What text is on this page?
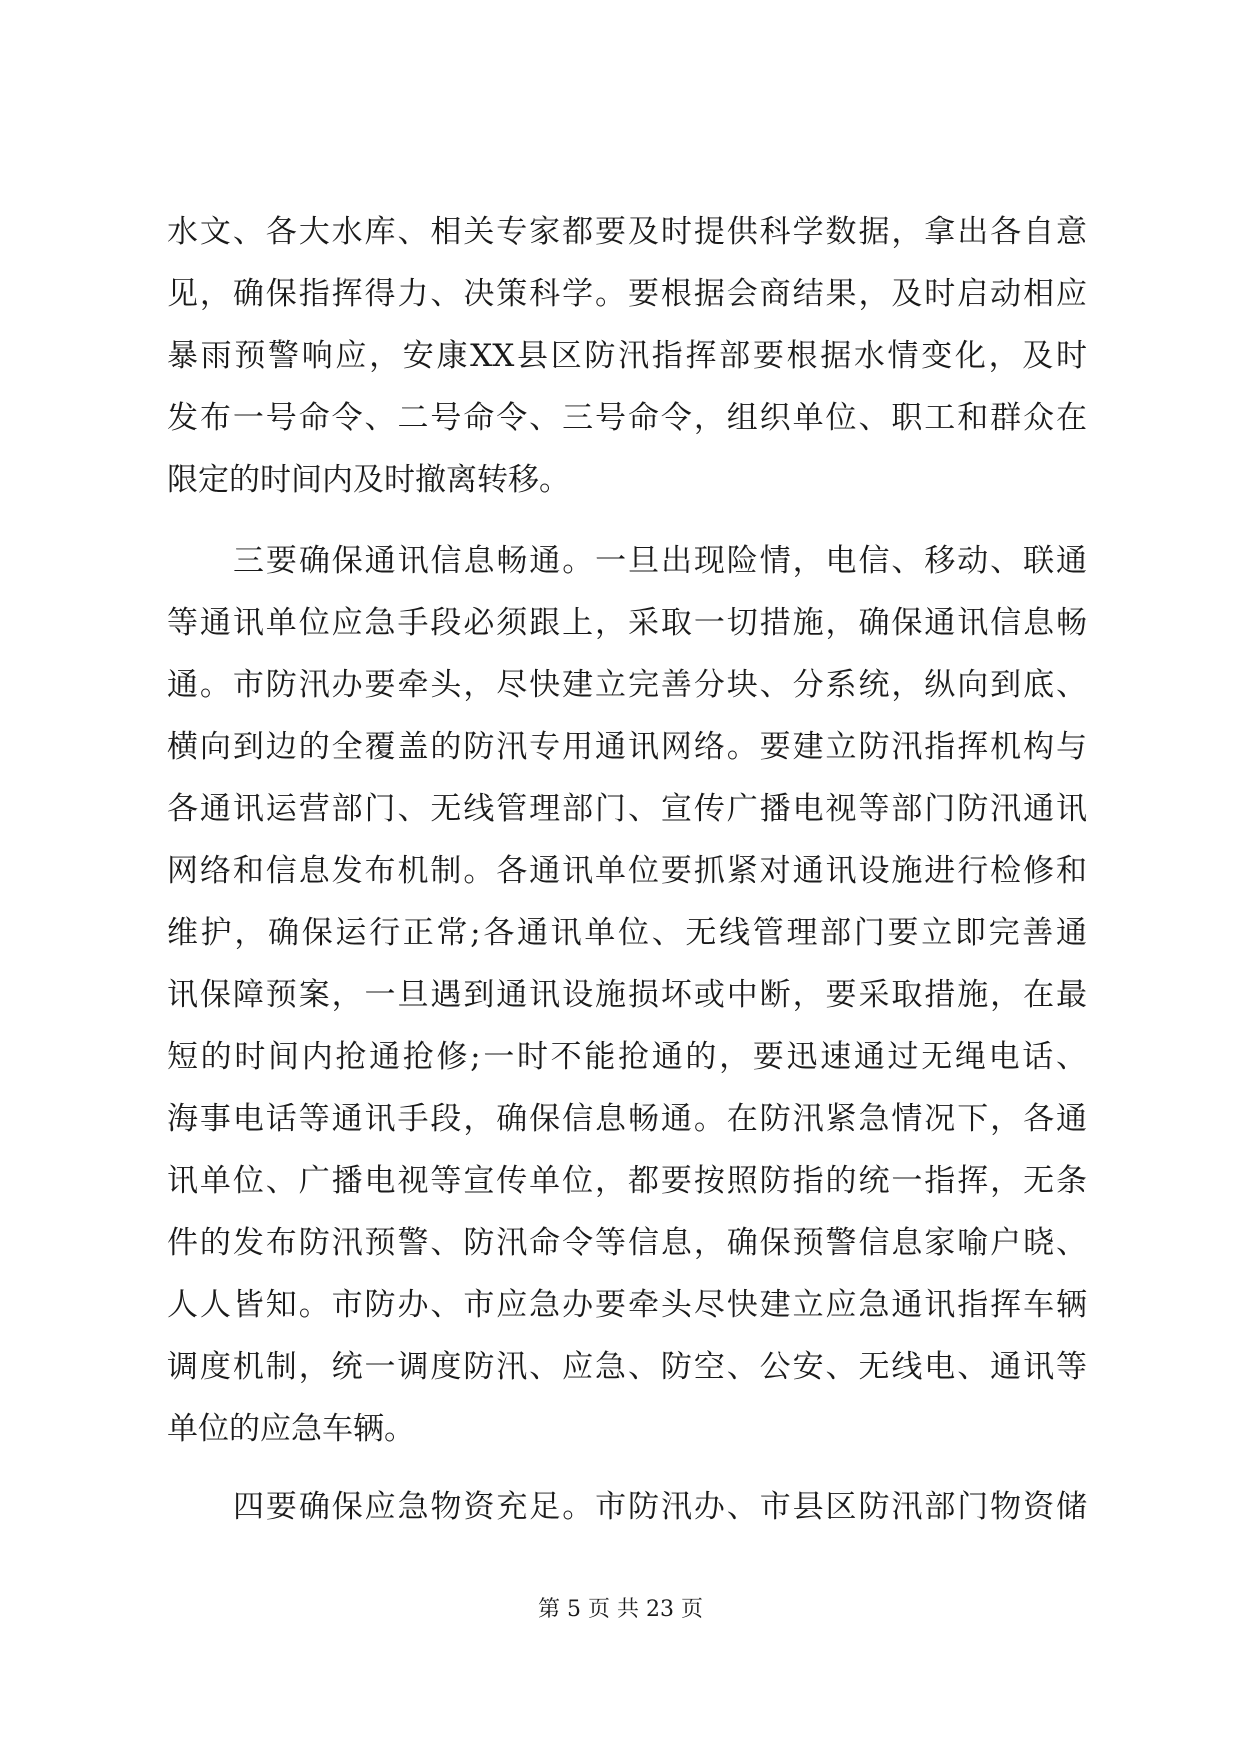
水文、各大水库、相关专家都要及时提供科学数据，拿出各自意
见，确保指挥得力、决策科学。要根据会商结果，及时启动相应
暴雨预警响应，安康XX县区防汛指挥部要根据水情变化，及时
发布一号命令、二号命令、三号命令，组织单位、职工和群众在
限定的时间内及时撤离转移。
三要确保通讯信息畅通。一旦出现险情，电信、移动、联通
等通讯单位应急手段必须跟上，采取一切措施，确保通讯信息畅
通。市防汛办要牵头，尽快建立完善分块、分系统，纵向到底、
横向到边的全覆盖的防汛专用通讯网络。要建立防汛指挥机构与
各通讯运营部门、无线管理部门、宣传广播电视等部门防汛通讯
网络和信息发布机制。各通讯单位要抓紧对通讯设施进行检修和
维护，确保运行正常;各通讯单位、无线管理部门要立即完善通
讯保障预案，一旦遇到通讯设施损坏或中断，要采取措施，在最
短的时间内抢通抢修;一时不能抢通的，要迅速通过无绳电话、
海事电话等通讯手段，确保信息畅通。在防汛紧急情况下，各通
讯单位、广播电视等宣传单位，都要按照防指的统一指挥，无条
件的发布防汛预警、防汛命令等信息，确保预警信息家喻户晓、
人人皆知。市防办、市应急办要牵头尽快建立应急通讯指挥车辆
调度机制，统一调度防汛、应急、防空、公安、无线电、通讯等
单位的应急车辆。
四要确保应急物资充足。市防汛办、市县区防汛部门物资储
第 5 页 共 23 页
